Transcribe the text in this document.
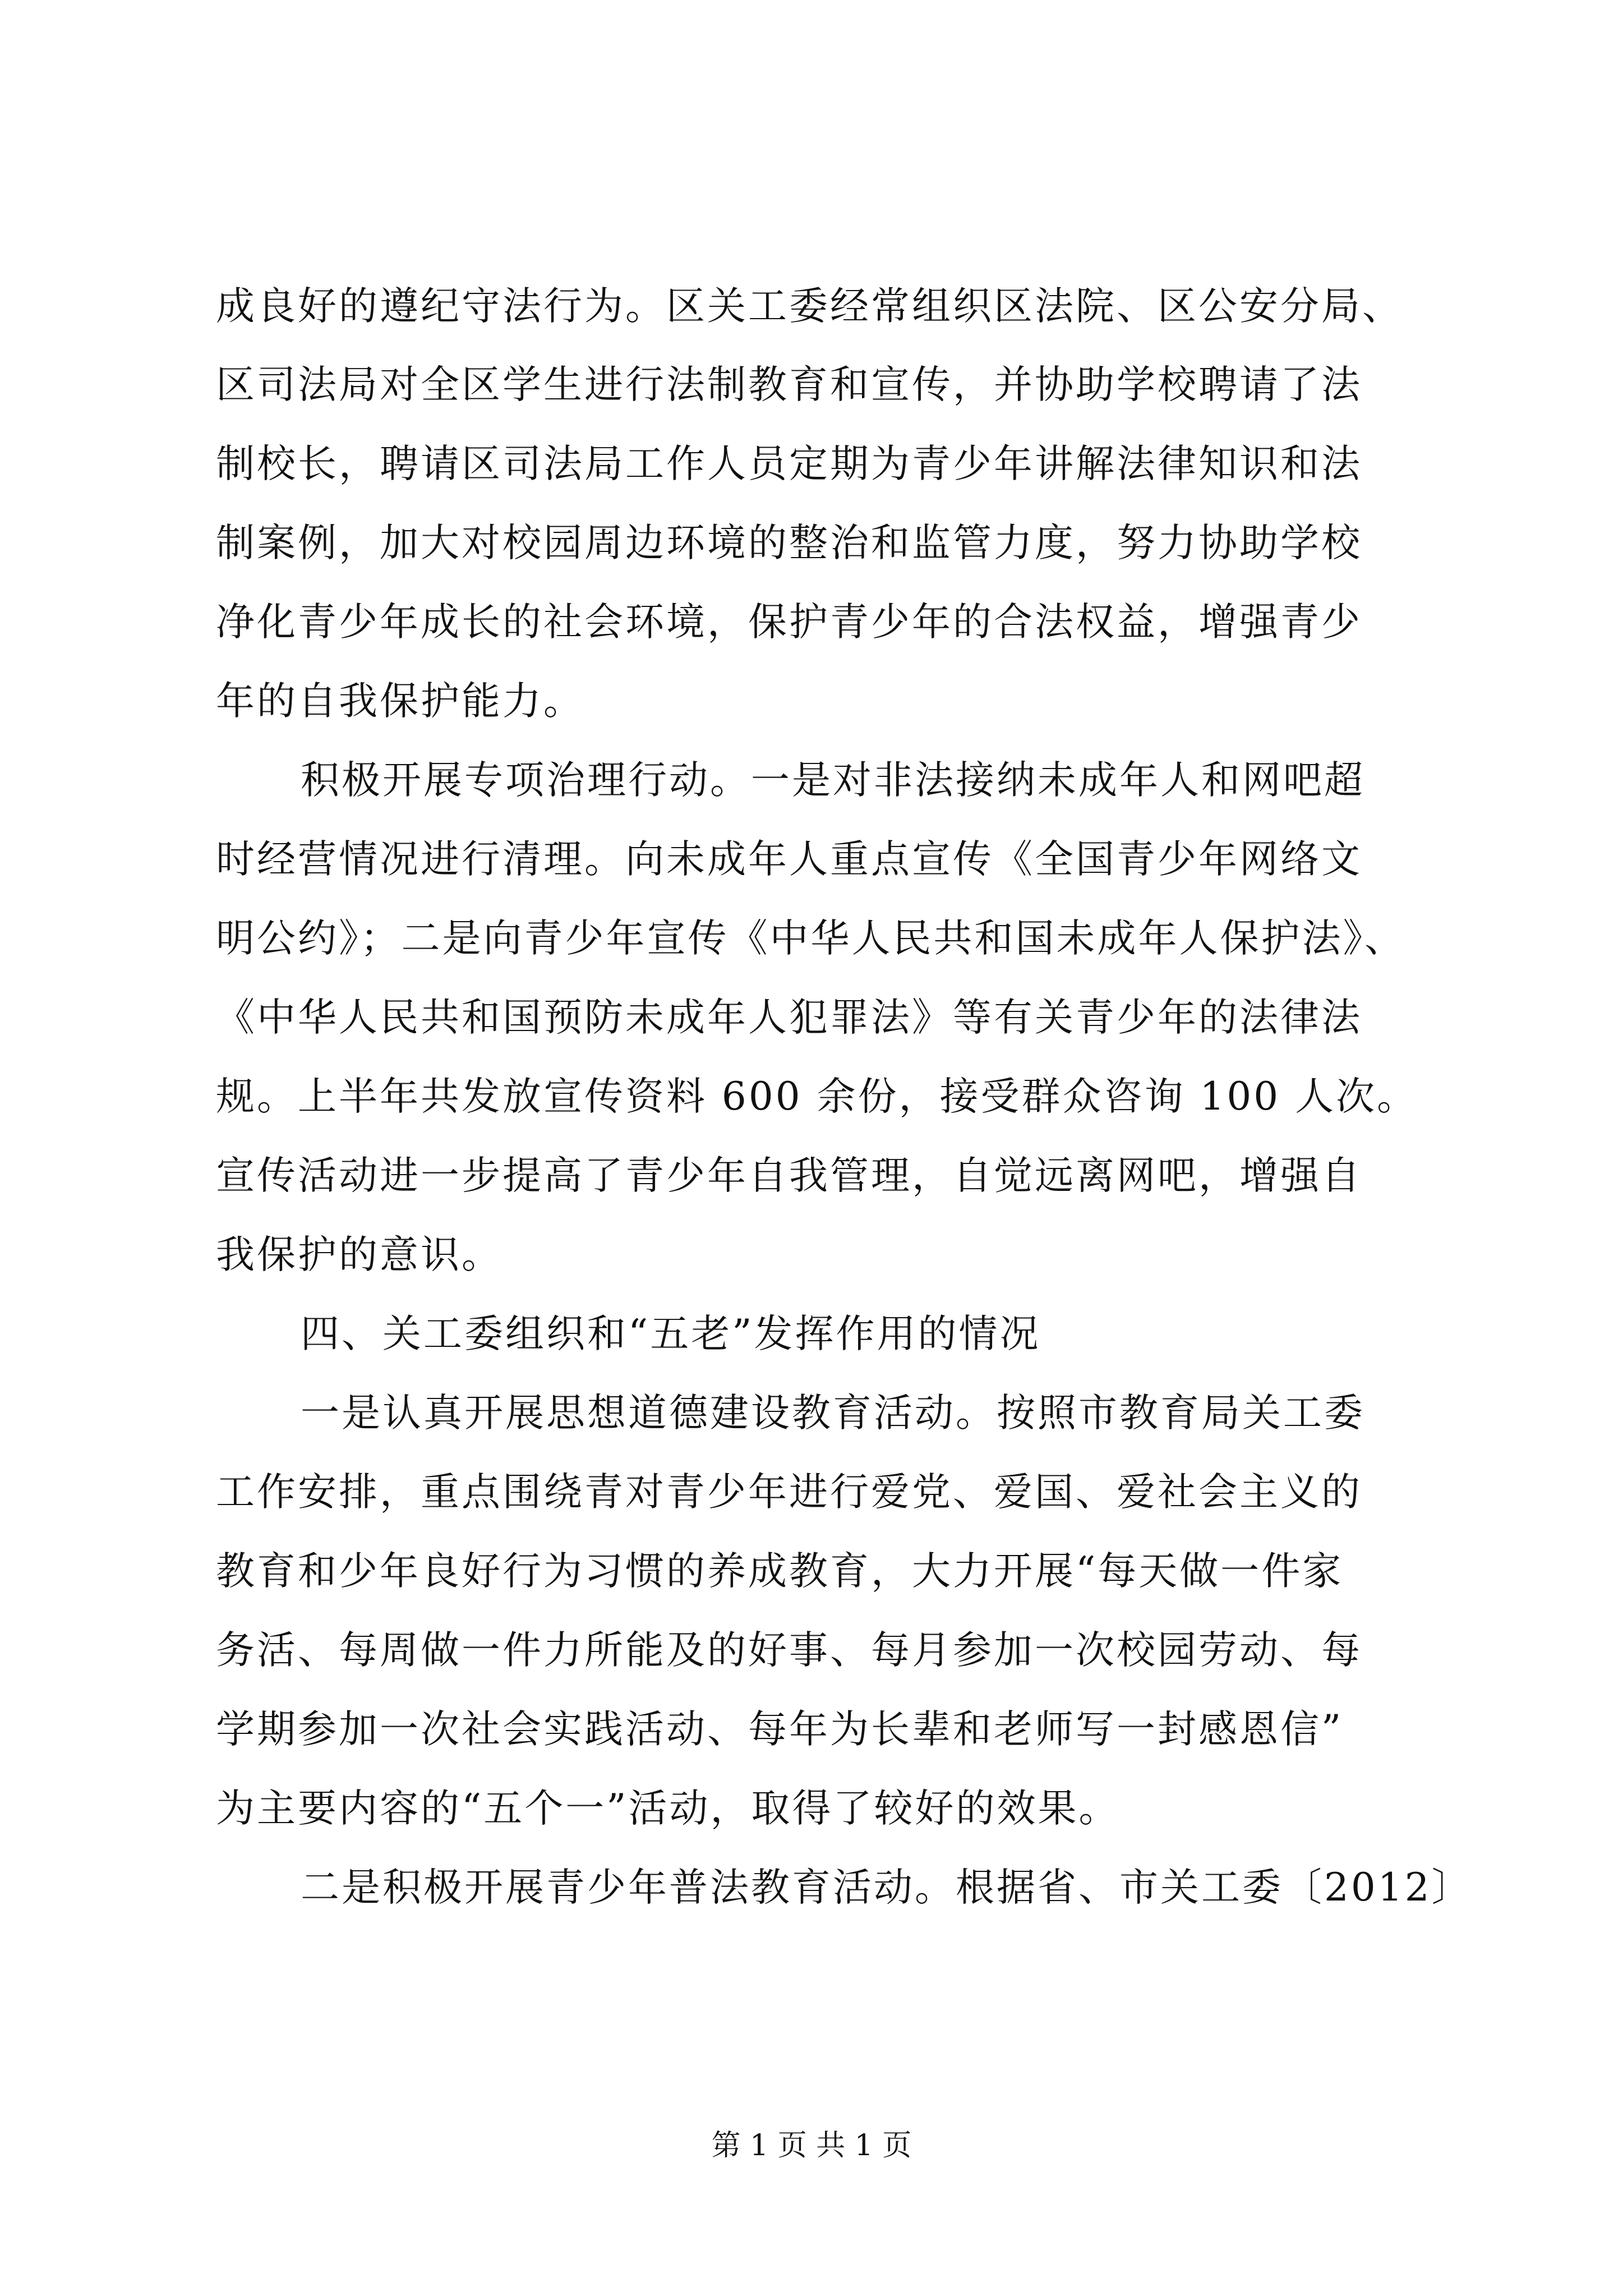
成良好的遵纪守法行为。区关工委经常组织区法院、区公安分局、

区司法局对全区学生进行法制教育和宣传，并协助学校聘请了法

制校长，聘请区司法局工作人员定期为青少年讲解法律知识和法

制案例，加大对校园周边环境的整治和监管力度，努力协助学校

净化青少年成长的社会环境，保护青少年的合法权益，增强青少

年的自我保护能力。

积极开展专项治理行动。一是对非法接纳未成年人和网吧超

时经营情况进行清理。向未成年人重点宣传《全国青少年网络文

明公约》；二是向青少年宣传《中华人民共和国未成年人保护法》、

《中华人民共和国预防未成年人犯罪法》等有关青少年的法律法

规。上半年共发放宣传资料 600 余份，接受群众咨询 100 人次。

宣传活动进一步提高了青少年自我管理，自觉远离网吧，增强自

我保护的意识。

四、关工委组织和“五老”发挥作用的情况

一是认真开展思想道德建设教育活动。按照市教育局关工委

工作安排，重点围绕青对青少年进行爱党、爱国、爱社会主义的

教育和少年良好行为习惯的养成教育，大力开展“每天做一件家

务活、每周做一件力所能及的好事、每月参加一次校园劳动、每

学期参加一次社会实践活动、每年为长辈和老师写一封感恩信”

为主要内容的“五个一”活动，取得了较好的效果。

二是积极开展青少年普法教育活动。根据省、市关工委〔2012〕

第 1 页 共 1 页
